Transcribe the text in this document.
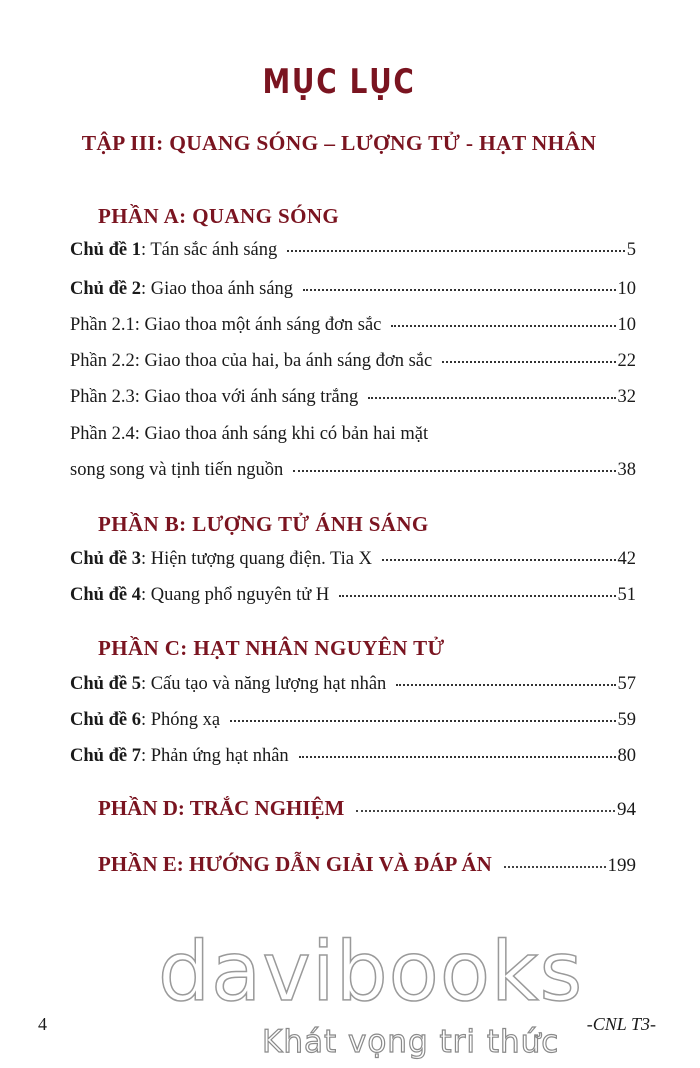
MỤC LỤC
TẬP III: QUANG SÓNG – LƯỢNG TỬ - HẠT NHÂN
PHẦN A: QUANG SÓNG
Chủ đề 1: Tán sắc ánh sáng	5
Chủ đề 2: Giao thoa ánh sáng	10
Phần 2.1: Giao thoa một ánh sáng đơn sắc	10
Phần 2.2: Giao thoa của hai, ba ánh sáng đơn sắc	22
Phần 2.3: Giao thoa với ánh sáng trắng	32
Phần 2.4: Giao thoa ánh sáng khi có bản hai mặt
song song và tịnh tiến nguồn	38
PHẦN B: LƯỢNG TỬ ÁNH SÁNG
Chủ đề 3: Hiện tượng quang điện. Tia X	42
Chủ đề 4: Quang phổ nguyên tử H	51
PHẦN C: HẠT NHÂN NGUYÊN TỬ
Chủ đề 5: Cấu tạo và năng lượng hạt nhân	57
Chủ đề 6: Phóng xạ	59
Chủ đề 7: Phản ứng hạt nhân	80
PHẦN D: TRẮC NGHIỆM	94
PHẦN E: HƯỚNG DẪN GIẢI VÀ ĐÁP ÁN	199
davibooks
Khát vọng tri thức
4	-CNL T3-
